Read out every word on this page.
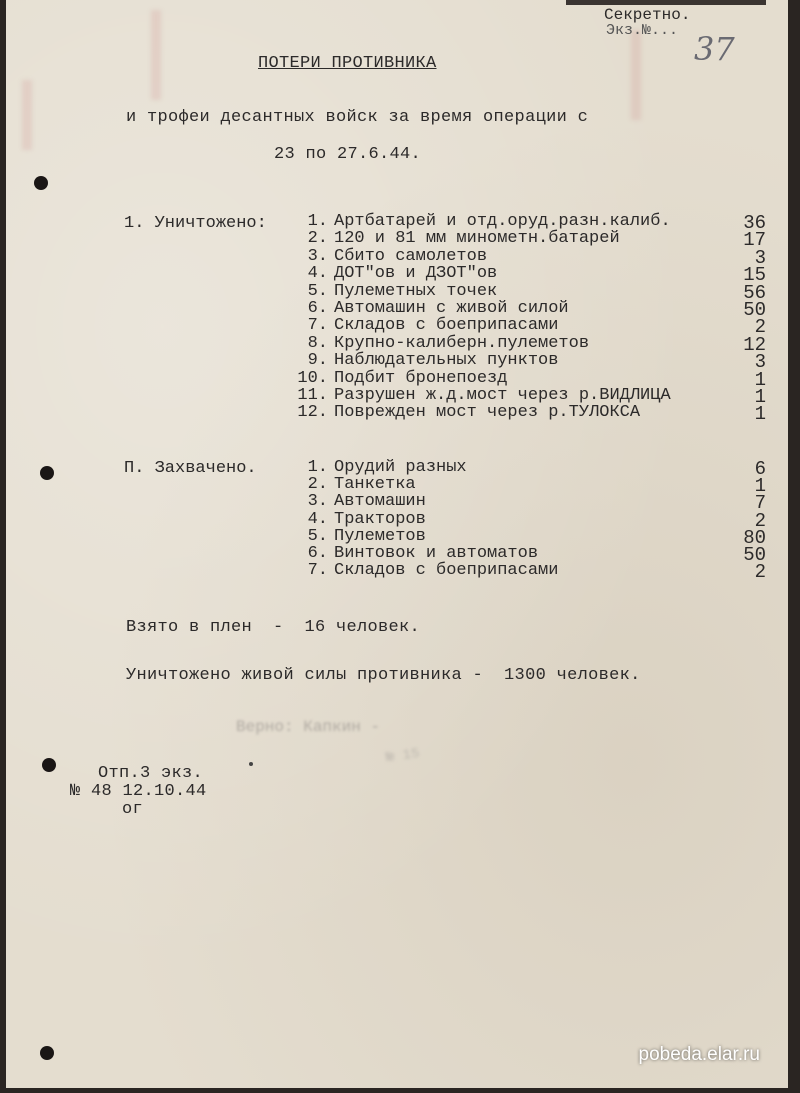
Секретно.
Экз.№... 37
ПОТЕРИ ПРОТИВНИКА
и трофеи десантных войск за время операции с
23 по 27.6.44.
1. Уничтожено:	1. Артбатарей и отд.оруд.разн.калиб.	36
2. 120 и 81 мм минометн.батарей	17
3. Сбито самолетов	3
4. ДОТ"ов и ДЗОТ"ов	15
5. Пулеметных точек	56
6. Автомашин с живой силой	50
7. Складов с боеприпасами	2
8. Крупно-калиберн.пулеметов	12
9. Наблюдательных пунктов	3
10. Подбит бронепоезд	1
11. Разрушен ж.д.мост через р.ВИДЛИЦА	1
12. Поврежден мост через р.ТУЛОКСА	1
П. Захвачено.	1. Орудий разных	6
2. Танкетка	1
3. Автомашин	7
4. Тракторов	2
5. Пулеметов	80
6. Винтовок и автоматов	50
7. Складов с боеприпасами	2
Взято в плен  -  16 человек.
Уничтожено живой силы противника -  1300 человек.
Верно: Капкин -
№ 15
Отп.3 экз.
№ 48 12.10.44
ог
pobeda.elar.ru
